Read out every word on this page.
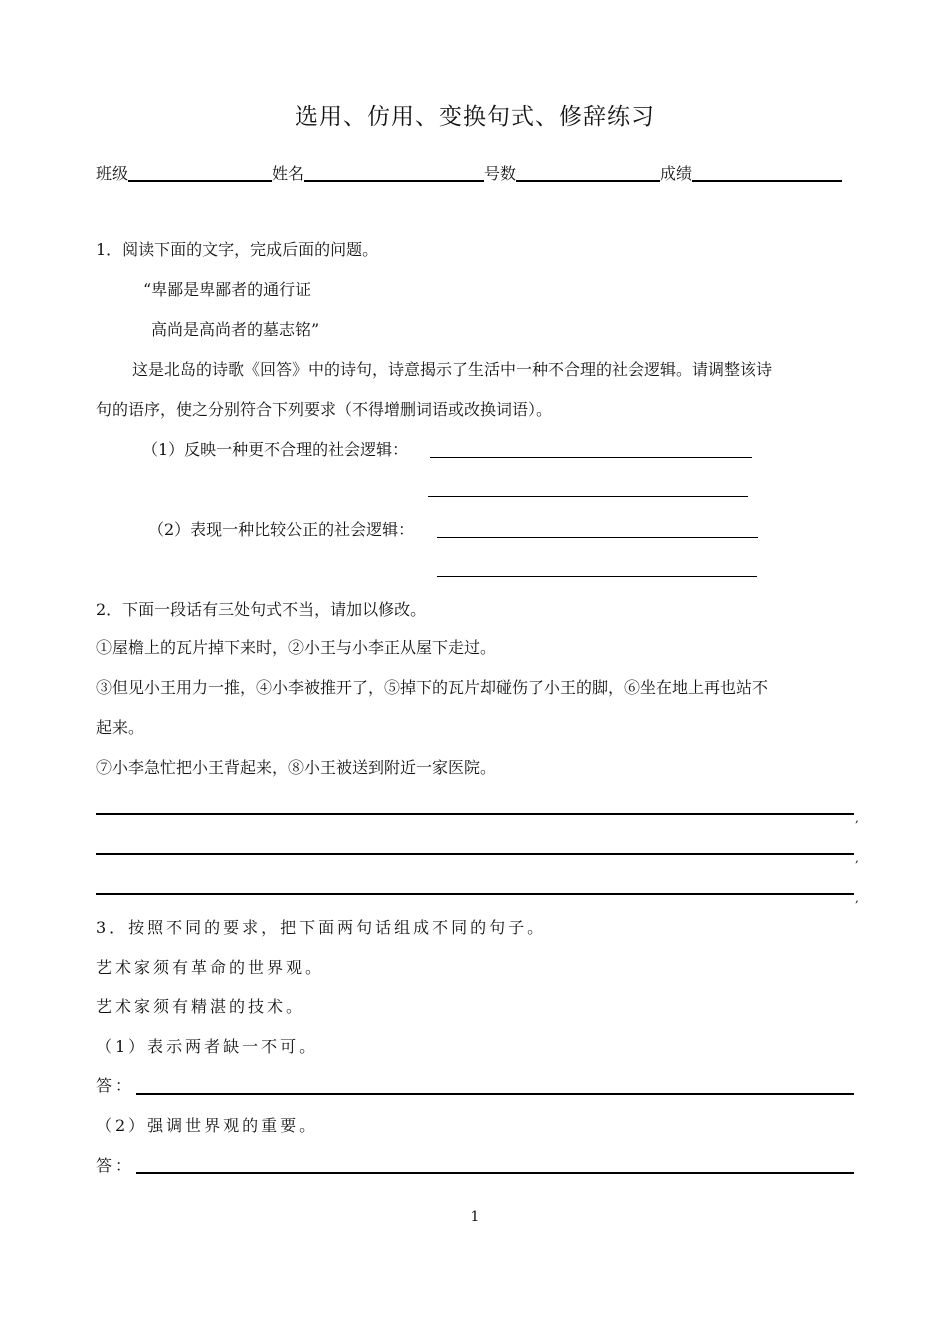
选用、仿用、变换句式、修辞练习
班级	姓名	号数	成绩
1．阅读下面的文字，完成后面的问题。
“卑鄙是卑鄙者的通行证
高尚是高尚者的墓志铭”
这是北岛的诗歌《回答》中的诗句，诗意揭示了生活中一种不合理的社会逻辑。请调整该诗
句的语序，使之分别符合下列要求（不得增删词语或改换词语）。
（1）反映一种更不合理的社会逻辑：
（2）表现一种比较公正的社会逻辑：
2．下面一段话有三处句式不当，请加以修改。
①屋檐上的瓦片掉下来时，②小王与小李正从屋下走过。
③但见小王用力一推，④小李被推开了，⑤掉下的瓦片却碰伤了小王的脚，⑥坐在地上再也站不
起来。
⑦小李急忙把小王背起来，⑧小王被送到附近一家医院。
,
,
,
3．按照不同的要求，把下面两句话组成不同的句子。
艺术家须有革命的世界观。
艺术家须有精湛的技术。
（1）表示两者缺一不可。
答：
（2）强调世界观的重要。
答：
1
